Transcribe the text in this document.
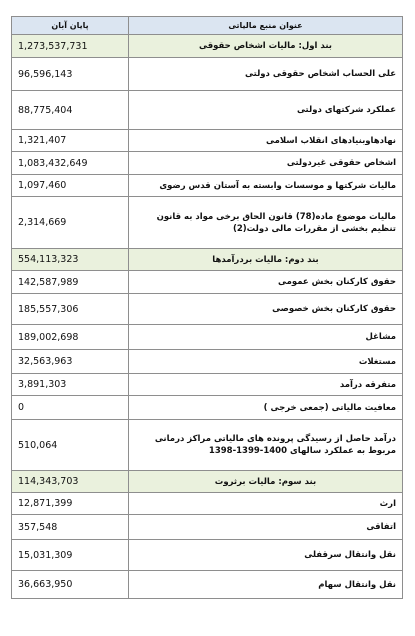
پایان آبان	عنوان منبع مالیاتی
1,273,537,731	بند اول: مالیات اشخاص حقوقی
96,596,143	علی الحساب اشخاص حقوقی دولتی
88,775,404	عملکرد شرکتهای دولتی
1,321,407	نهادهاوبنیادهای انقلاب اسلامی
1,083,432,649	اشخاص حقوقی غیردولتی
1,097,460	مالیات شرکتها و موسسات وابسته به آستان قدس رضوی
2,314,669	مالیات موضوع ماده(78) قانون الحاق برخی مواد به قانون تنظیم بخشی از مقررات مالی دولت(2)
554,113,323	بند دوم: مالیات بردرآمدها
142,587,989	حقوق کارکنان بخش عمومی
185,557,306	حقوق کارکنان بخش خصوصی
189,002,698	مشاغل
32,563,963	مستغلات
3,891,303	متفرقه درآمد
0	معافیت مالیاتی (جمعی خرجی )
510,064	درآمد حاصل از رسیدگی پرونده های مالیاتی مراکز درمانی مربوط به عملکرد سالهای 1400-1399-1398
114,343,703	بند سوم: مالیات برثروت
12,871,399	ارث
357,548	اتفاقی
15,031,309	نقل وانتقال سرقفلی
36,663,950	نقل وانتقال سهام
